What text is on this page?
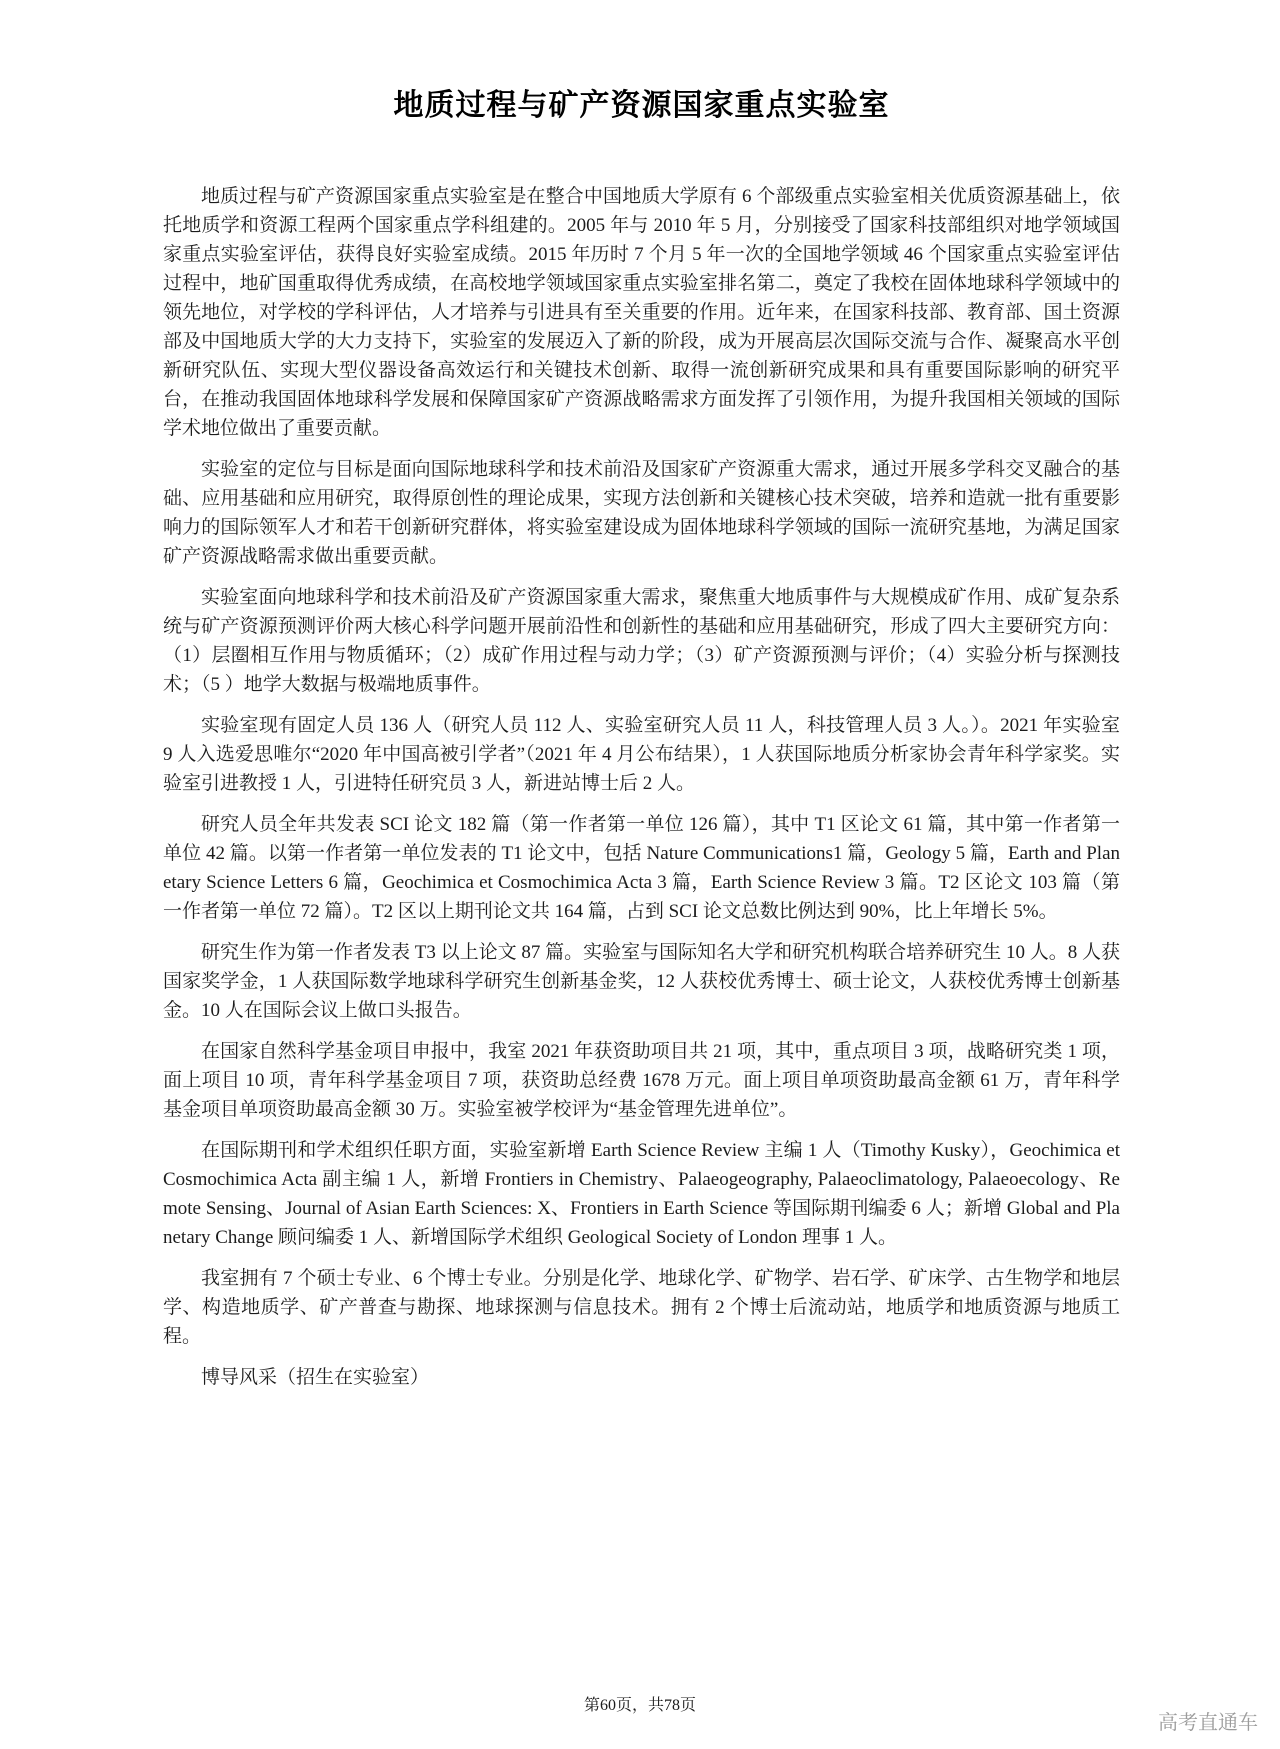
地质过程与矿产资源国家重点实验室

地质过程与矿产资源国家重点实验室是在整合中国地质大学原有 6 个部级重点实验室相关优质资源基础上，依托地质学和资源工程两个国家重点学科组建的。2005 年与 2010 年 5 月，分别接受了国家科技部组织对地学领域国家重点实验室评估，获得良好实验室成绩。2015 年历时 7 个月 5 年一次的全国地学领域 46 个国家重点实验室评估过程中，地矿国重取得优秀成绩，在高校地学领域国家重点实验室排名第二，奠定了我校在固体地球科学领域中的领先地位，对学校的学科评估，人才培养与引进具有至关重要的作用。近年来，在国家科技部、教育部、国土资源部及中国地质大学的大力支持下，实验室的发展迈入了新的阶段，成为开展高层次国际交流与合作、凝聚高水平创新研究队伍、实现大型仪器设备高效运行和关键技术创新、取得一流创新研究成果和具有重要国际影响的研究平台，在推动我国固体地球科学发展和保障国家矿产资源战略需求方面发挥了引领作用，为提升我国相关领域的国际学术地位做出了重要贡献。

实验室的定位与目标是面向国际地球科学和技术前沿及国家矿产资源重大需求，通过开展多学科交叉融合的基础、应用基础和应用研究，取得原创性的理论成果，实现方法创新和关键核心技术突破，培养和造就一批有重要影响力的国际领军人才和若干创新研究群体，将实验室建设成为固体地球科学领域的国际一流研究基地，为满足国家矿产资源战略需求做出重要贡献。

实验室面向地球科学和技术前沿及矿产资源国家重大需求，聚焦重大地质事件与大规模成矿作用、成矿复杂系统与矿产资源预测评价两大核心科学问题开展前沿性和创新性的基础和应用基础研究，形成了四大主要研究方向：（1）层圈相互作用与物质循环；（2）成矿作用过程与动力学；（3）矿产资源预测与评价；（4）实验分析与探测技术；（5 ）地学大数据与极端地质事件。

实验室现有固定人员 136 人（研究人员 112 人、实验室研究人员 11 人，科技管理人员 3 人。）。2021 年实验室 9 人入选爱思唯尔“2020 年中国高被引学者”（2021 年 4 月公布结果），1 人获国际地质分析家协会青年科学家奖。实验室引进教授 1 人，引进特任研究员 3 人，新进站博士后 2 人。

研究人员全年共发表 SCI 论文 182 篇（第一作者第一单位 126 篇），其中 T1 区论文 61 篇，其中第一作者第一单位 42 篇。以第一作者第一单位发表的 T1 论文中，包括 Nature Communications1 篇，Geology 5 篇，Earth and Planetary Science Letters 6 篇，Geochimica et Cosmochimica Acta 3 篇，Earth Science Review 3 篇。T2 区论文 103 篇（第一作者第一单位 72 篇）。T2 区以上期刊论文共 164 篇，占到 SCI 论文总数比例达到 90%，比上年增长 5%。

研究生作为第一作者发表 T3 以上论文 87 篇。实验室与国际知名大学和研究机构联合培养研究生 10 人。8 人获国家奖学金，1 人获国际数学地球科学研究生创新基金奖，12 人获校优秀博士、硕士论文，人获校优秀博士创新基金。10 人在国际会议上做口头报告。

在国家自然科学基金项目申报中，我室 2021 年获资助项目共 21 项，其中，重点项目 3 项，战略研究类 1 项， 面上项目 10 项，青年科学基金项目 7 项，获资助总经费 1678 万元。面上项目单项资助最高金额 61 万，青年科学基金项目单项资助最高金额 30 万。实验室被学校评为“基金管理先进单位”。

在国际期刊和学术组织任职方面，实验室新增 Earth Science Review 主编 1 人（Timothy Kusky），Geochimica et Cosmochimica Acta 副主编 1 人，新增 Frontiers in Chemistry、Palaeogeography, Palaeoclimatology, Palaeoecology、Remote Sensing、Journal of Asian Earth Sciences: X、Frontiers in Earth Science 等国际期刊编委 6 人；新增 Global and Planetary Change 顾问编委 1 人、新增国际学术组织 Geological Society of London 理事 1 人。

我室拥有 7 个硕士专业、6 个博士专业。分别是化学、地球化学、矿物学、岩石学、矿床学、古生物学和地层学、构造地质学、矿产普查与勘探、地球探测与信息技术。拥有 2 个博士后流动站，地质学和地质资源与地质工程。

博导风采（招生在实验室）

第60页，共78页
高考直通车
